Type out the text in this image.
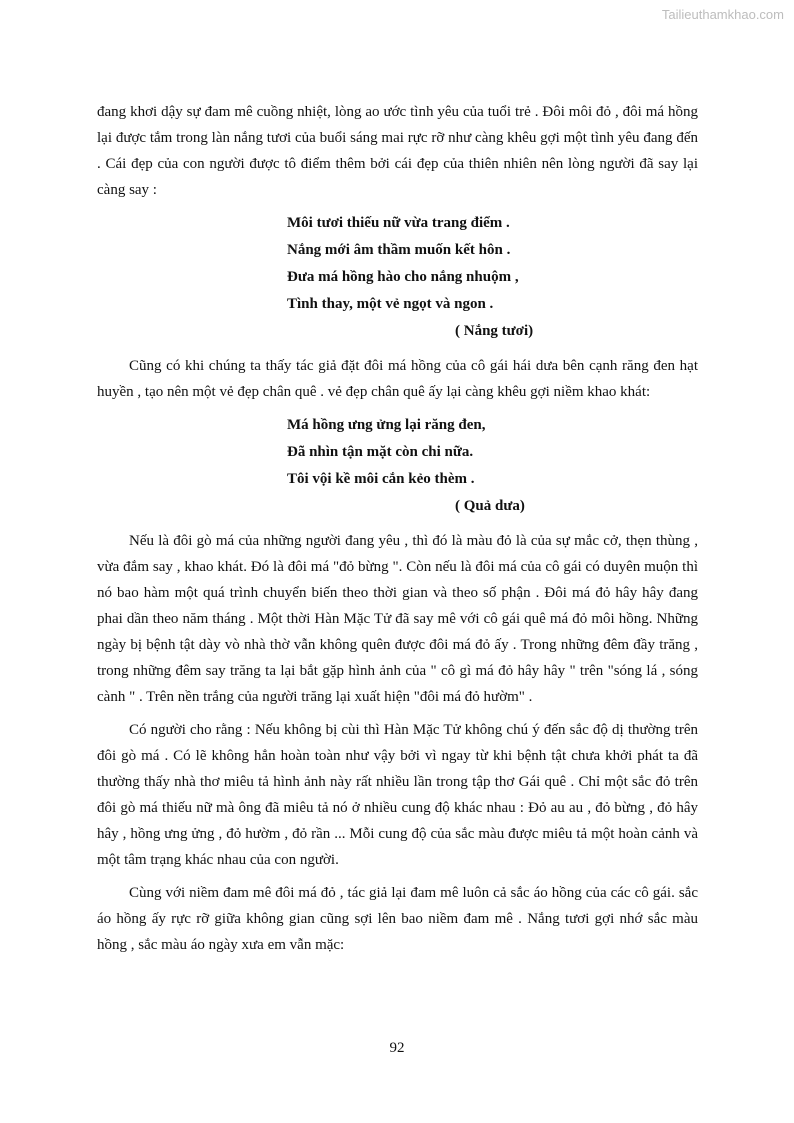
Tailieuthamkhao.com

đang khơi dậy sự đam mê cuồng nhiệt, lòng ao ước tình yêu của tuổi trẻ . Đôi môi đỏ , đôi má hồng lại được tắm trong làn nắng tươi của buổi sáng mai rực rỡ như càng khêu gợi một tình yêu đang đến . Cái đẹp của con người được tô điểm thêm bởi cái đẹp của thiên nhiên nên lòng người đã say lại càng say :

Môi tươi thiếu nữ vừa trang điểm .
Nắng mới âm thầm muốn kết hôn .
Đưa má hồng hào cho nắng nhuộm ,
Tình thay, một vẻ ngọt và ngon .
( Nắng tươi)

Cũng có khi chúng ta thấy tác giả đặt đôi má hồng của cô gái hái dưa bên cạnh răng đen hạt huyền , tạo nên một vẻ đẹp chân quê . vẻ đẹp chân quê ấy lại càng khêu gợi niềm khao khát:

Má hồng ưng ửng lại răng đen,
Đã nhìn tận mặt còn chi nữa.
Tôi vội kề môi cắn kẻo thèm .
( Quả dưa)

Nếu là đôi gò má của những người đang yêu , thì đó là màu đỏ là của sự mắc cở, thẹn thùng , vừa đắm say , khao khát. Đó là đôi má "đỏ bừng ". Còn nếu là đôi má của cô gái có duyên muộn thì nó bao hàm một quá trình chuyển biến theo thời gian và theo số phận . Đôi má đỏ hây hây đang phai dần theo năm tháng . Một thời Hàn Mặc Tử đã say mê với cô gái quê má đỏ môi hồng. Những ngày bị bệnh tật dày vò nhà thờ vẫn không quên được đôi má đỏ ấy . Trong những đêm đầy trăng , trong những đêm say trăng ta lại bắt gặp hình ảnh của " cô gì má đỏ hây hây " trên "sóng lá , sóng cành " . Trên nền trắng của người trăng lại xuất hiện "đôi má đỏ hườm" .

Có người cho rằng : Nếu không bị cùi thì Hàn Mặc Tử không chú ý đến sắc độ dị thường trên đôi gò má . Có lẽ không hẳn hoàn toàn như vậy bởi vì ngay từ khi bệnh tật chưa khởi phát ta đã thường thấy nhà thơ miêu tả hình ảnh này rất nhiều lần trong tập thơ Gái quê . Chỉ một sắc đỏ trên đôi gò má thiếu nữ mà ông đã miêu tả nó ở nhiều cung độ khác nhau : Đỏ au au , đỏ bừng , đỏ hây hây , hồng ưng ửng , đỏ hườm , đỏ rần ... Mỗi cung độ của sắc màu được miêu tả một hoàn cảnh và một tâm trạng khác nhau của con người.

Cùng với niềm đam mê đôi má đỏ , tác giả lại đam mê luôn cả sắc áo hồng của các cô gái. sắc áo hồng ấy rực rỡ giữa không gian cũng sợi lên bao niềm đam mê . Nắng tươi gợi nhớ sắc màu hồng , sắc màu áo ngày xưa em vẫn mặc:

92
